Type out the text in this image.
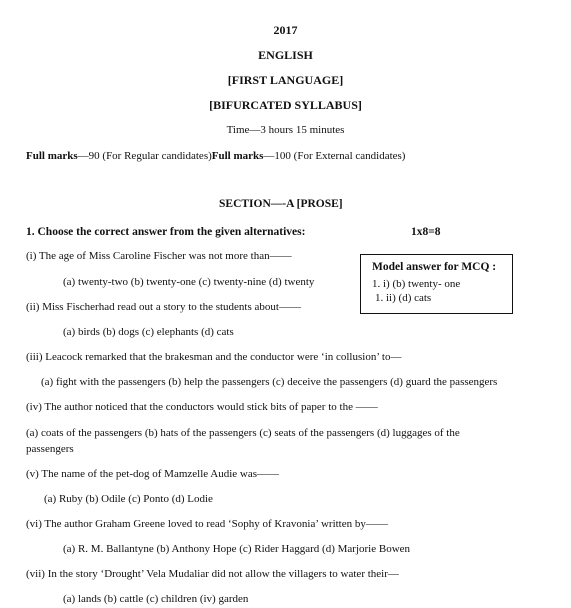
2017
ENGLISH
[FIRST LANGUAGE]
[BIFURCATED SYLLABUS]
Time—3 hours 15 minutes
Full marks—90 (For Regular candidates)Full marks—100 (For External candidates)
SECTION—-A [PROSE]
1. Choose the correct answer from the given alternatives:	1x8=8
Model answer for MCQ :
1. i) (b) twenty- one
1. ii) (d) cats
(i) The age of Miss Caroline Fischer was not more than——
(a) twenty-two (b) twenty-one (c) twenty-nine (d) twenty
(ii) Miss Fischerhad read out a story to the students about——
(a) birds (b) dogs (c) elephants (d) cats
(iii) Leacock remarked that the brakesman and the conductor were ‘in collusion’ to—
(a) fight with the passengers (b) help the passengers (c) deceive the passengers (d) guard the passengers
(iv) The author noticed that the conductors would stick bits of paper to the ——
(a) coats of the passengers (b) hats of the passengers (c) seats of the passengers (d) luggages of the
passengers
(v) The name of the pet-dog of Mamzelle Audie was——
(a) Ruby (b) Odile (c) Ponto (d) Lodie
(vi) The author Graham Greene loved to read ‘Sophy of Kravonia’ written by——
(a) R. M. Ballantyne (b) Anthony Hope (c) Rider Haggard (d) Marjorie Bowen
(vii) In the story ‘Drought’ Vela Mudaliar did not allow the villagers to water their—
(a) lands (b) cattle (c) children (iv) garden
